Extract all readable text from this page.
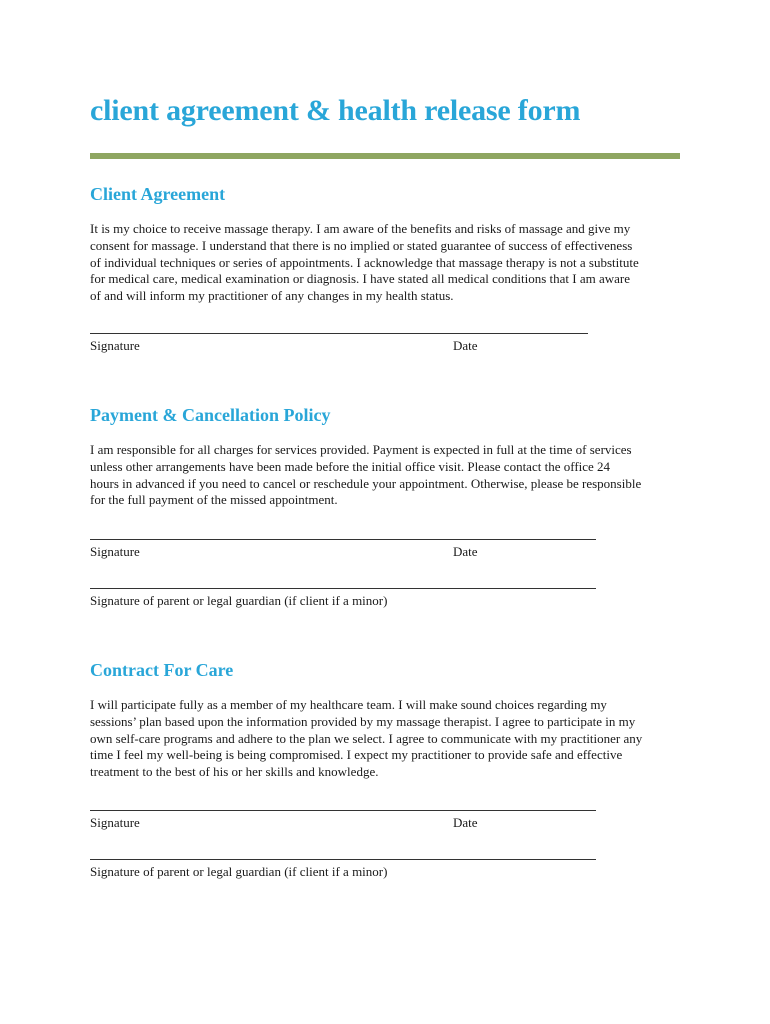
client agreement & health release form
Client Agreement

It is my choice to receive massage therapy. I am aware of the benefits and risks of massage and give my
consent for massage. I understand that there is no implied or stated guarantee of success of effectiveness
of individual techniques or series of appointments. I acknowledge that massage therapy is not a substitute
for medical care, medical examination or diagnosis. I have stated all medical conditions that I am aware
of and will inform my practitioner of any changes in my health status.

Signature	Date

Payment & Cancellation Policy

I am responsible for all charges for services provided. Payment is expected in full at the time of services
unless other arrangements have been made before the initial office visit. Please contact the office 24
hours in advanced if you need to cancel or reschedule your appointment. Otherwise, please be responsible
for the full payment of the missed appointment.

Signature	Date

Signature of parent or legal guardian (if client if a minor)

Contract For Care

I will participate fully as a member of my healthcare team. I will make sound choices regarding my
sessions’ plan based upon the information provided by my massage therapist. I agree to participate in my
own self-care programs and adhere to the plan we select. I agree to communicate with my practitioner any
time I feel my well-being is being compromised. I expect my practitioner to provide safe and effective
treatment to the best of his or her skills and knowledge.

Signature	Date

Signature of parent or legal guardian (if client if a minor)
